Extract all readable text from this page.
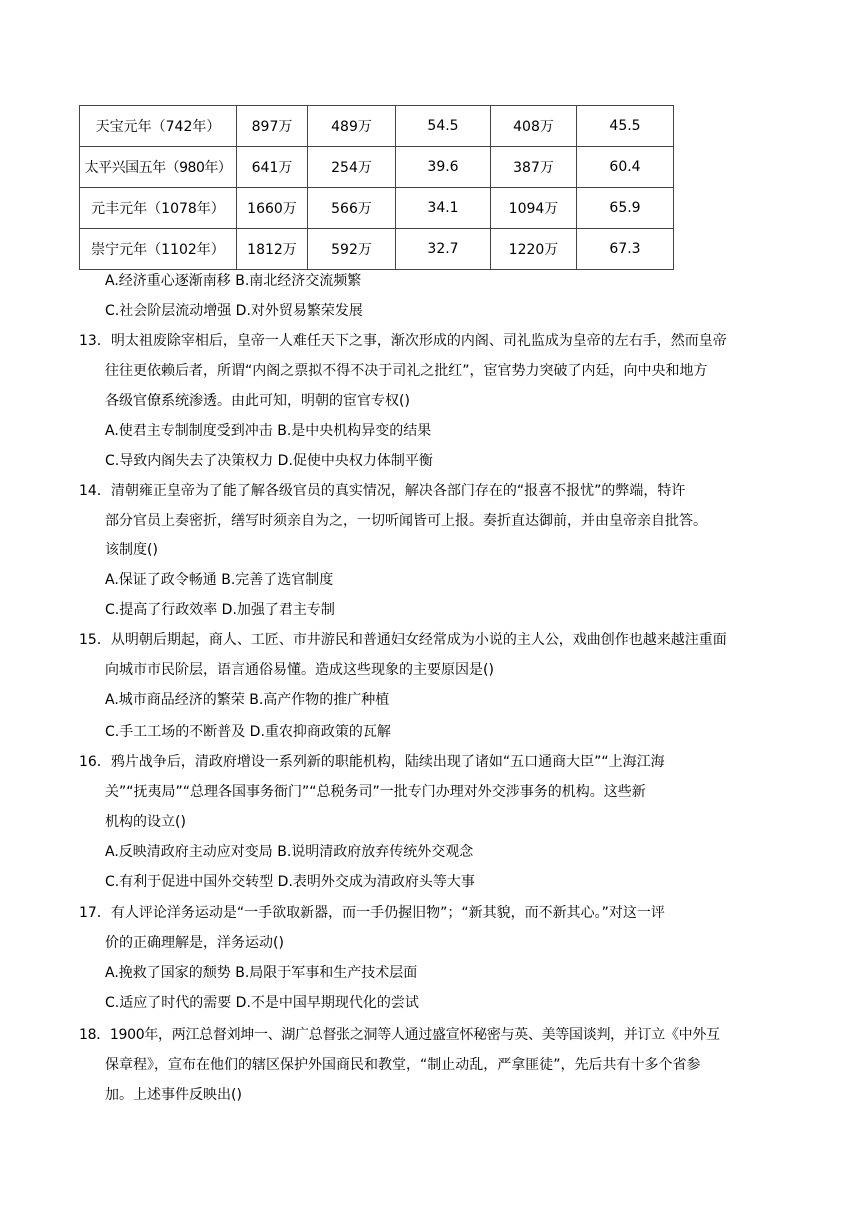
天宝元年（742年）	897万	489万	54.5	408万	45.5
太平兴国五年（980年）	641万	254万	39.6	387万	60.4
元丰元年（1078年）	1660万	566万	34.1	1094万	65.9
崇宁元年（1102年）	1812万	592万	32.7	1220万	67.3
A.经济重心逐渐南移 B.南北经济交流频繁
C.社会阶层流动增强 D.对外贸易繁荣发展
13．明太祖废除宰相后，皇帝一人难任天下之事，渐次形成的内阁、司礼监成为皇帝的左右手，然而皇帝
往往更依赖后者，所谓“内阁之票拟不得不决于司礼之批红”，宦官势力突破了内廷，向中央和地方
各级官僚系统渗透。由此可知，明朝的宦官专权()
A.使君主专制制度受到冲击 B.是中央机构异变的结果
C.导致内阁失去了决策权力 D.促使中央权力体制平衡
14．清朝雍正皇帝为了能了解各级官员的真实情况，解决各部门存在的“报喜不报忧”的弊端，特许
部分官员上奏密折，缮写时须亲自为之，一切听闻皆可上报。奏折直达御前，并由皇帝亲自批答。
该制度()
A.保证了政令畅通 B.完善了选官制度
C.提高了行政效率 D.加强了君主专制
15．从明朝后期起，商人、工匠、市井游民和普通妇女经常成为小说的主人公，戏曲创作也越来越注重面
向城市市民阶层，语言通俗易懂。造成这些现象的主要原因是()
A.城市商品经济的繁荣 B.高产作物的推广种植
C.手工工场的不断普及 D.重农抑商政策的瓦解
16．鸦片战争后，清政府增设一系列新的职能机构，陆续出现了诸如“五口通商大臣”“上海江海
关”“抚夷局”“总理各国事务衙门”“总税务司”一批专门办理对外交涉事务的机构。这些新
机构的设立()
A.反映清政府主动应对变局 B.说明清政府放弃传统外交观念
C.有利于促进中国外交转型 D.表明外交成为清政府头等大事
17．有人评论洋务运动是“一手欲取新器，而一手仍握旧物”；“新其貌，而不新其心。”对这一评
价的正确理解是，洋务运动()
A.挽救了国家的颓势 B.局限于军事和生产技术层面
C.适应了时代的需要 D.不是中国早期现代化的尝试
18．1900年，两江总督刘坤一、湖广总督张之洞等人通过盛宣怀秘密与英、美等国谈判，并订立《中外互
保章程》，宣布在他们的辖区保护外国商民和教堂，“制止动乱，严拿匪徒”，先后共有十多个省参
加。上述事件反映出()
